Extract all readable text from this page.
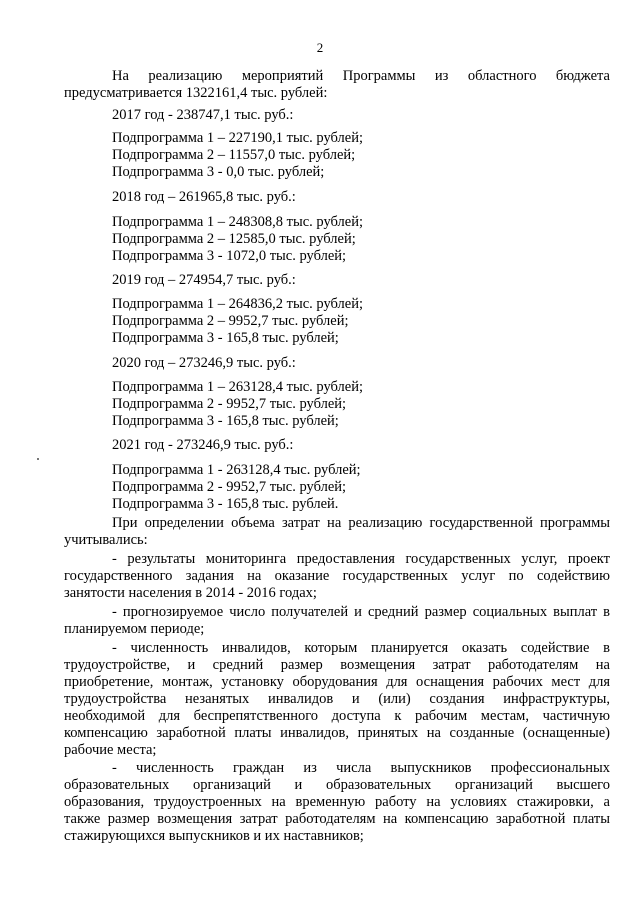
2
На реализацию мероприятий Программы из областного бюджета
предусматривается 1322161,4 тыс. рублей:
2017 год - 238747,1 тыс. руб.:
Подпрограмма 1 – 227190,1 тыс. рублей;
Подпрограмма 2 – 11557,0 тыс. рублей;
Подпрограмма 3 - 0,0 тыс. рублей;
2018 год – 261965,8 тыс. руб.:
Подпрограмма 1 – 248308,8 тыс. рублей;
Подпрограмма 2 – 12585,0 тыс. рублей;
Подпрограмма 3 - 1072,0 тыс. рублей;
2019 год – 274954,7 тыс. руб.:
Подпрограмма 1 – 264836,2 тыс. рублей;
Подпрограмма 2 – 9952,7 тыс. рублей;
Подпрограмма 3 - 165,8 тыс. рублей;
2020 год – 273246,9 тыс. руб.:
Подпрограмма 1 – 263128,4 тыс. рублей;
Подпрограмма 2 - 9952,7 тыс. рублей;
Подпрограмма 3 - 165,8 тыс. рублей;
2021 год - 273246,9 тыс. руб.:
Подпрограмма 1 - 263128,4 тыс. рублей;
Подпрограмма 2 - 9952,7 тыс. рублей;
Подпрограмма 3 - 165,8 тыс. рублей.
При определении объема затрат на реализацию государственной программы
учитывались:
- результаты мониторинга предоставления государственных услуг, проект
государственного задания на оказание государственных услуг по содействию
занятости населения в 2014 - 2016 годах;
- прогнозируемое число получателей и средний размер социальных выплат в
планируемом периоде;
- численность инвалидов, которым планируется оказать содействие в
трудоустройстве, и средний размер возмещения затрат работодателям на
приобретение, монтаж, установку оборудования для оснащения рабочих мест для
трудоустройства незанятых инвалидов и (или) создания инфраструктуры,
необходимой для беспрепятственного доступа к рабочим местам, частичную
компенсацию заработной платы инвалидов, принятых на созданные (оснащенные)
рабочие места;
- численность граждан из числа выпускников профессиональных
образовательных организаций и образовательных организаций высшего
образования, трудоустроенных на временную работу на условиях стажировки, а
также размер возмещения затрат работодателям на компенсацию заработной платы
стажирующихся выпускников и их наставников;
